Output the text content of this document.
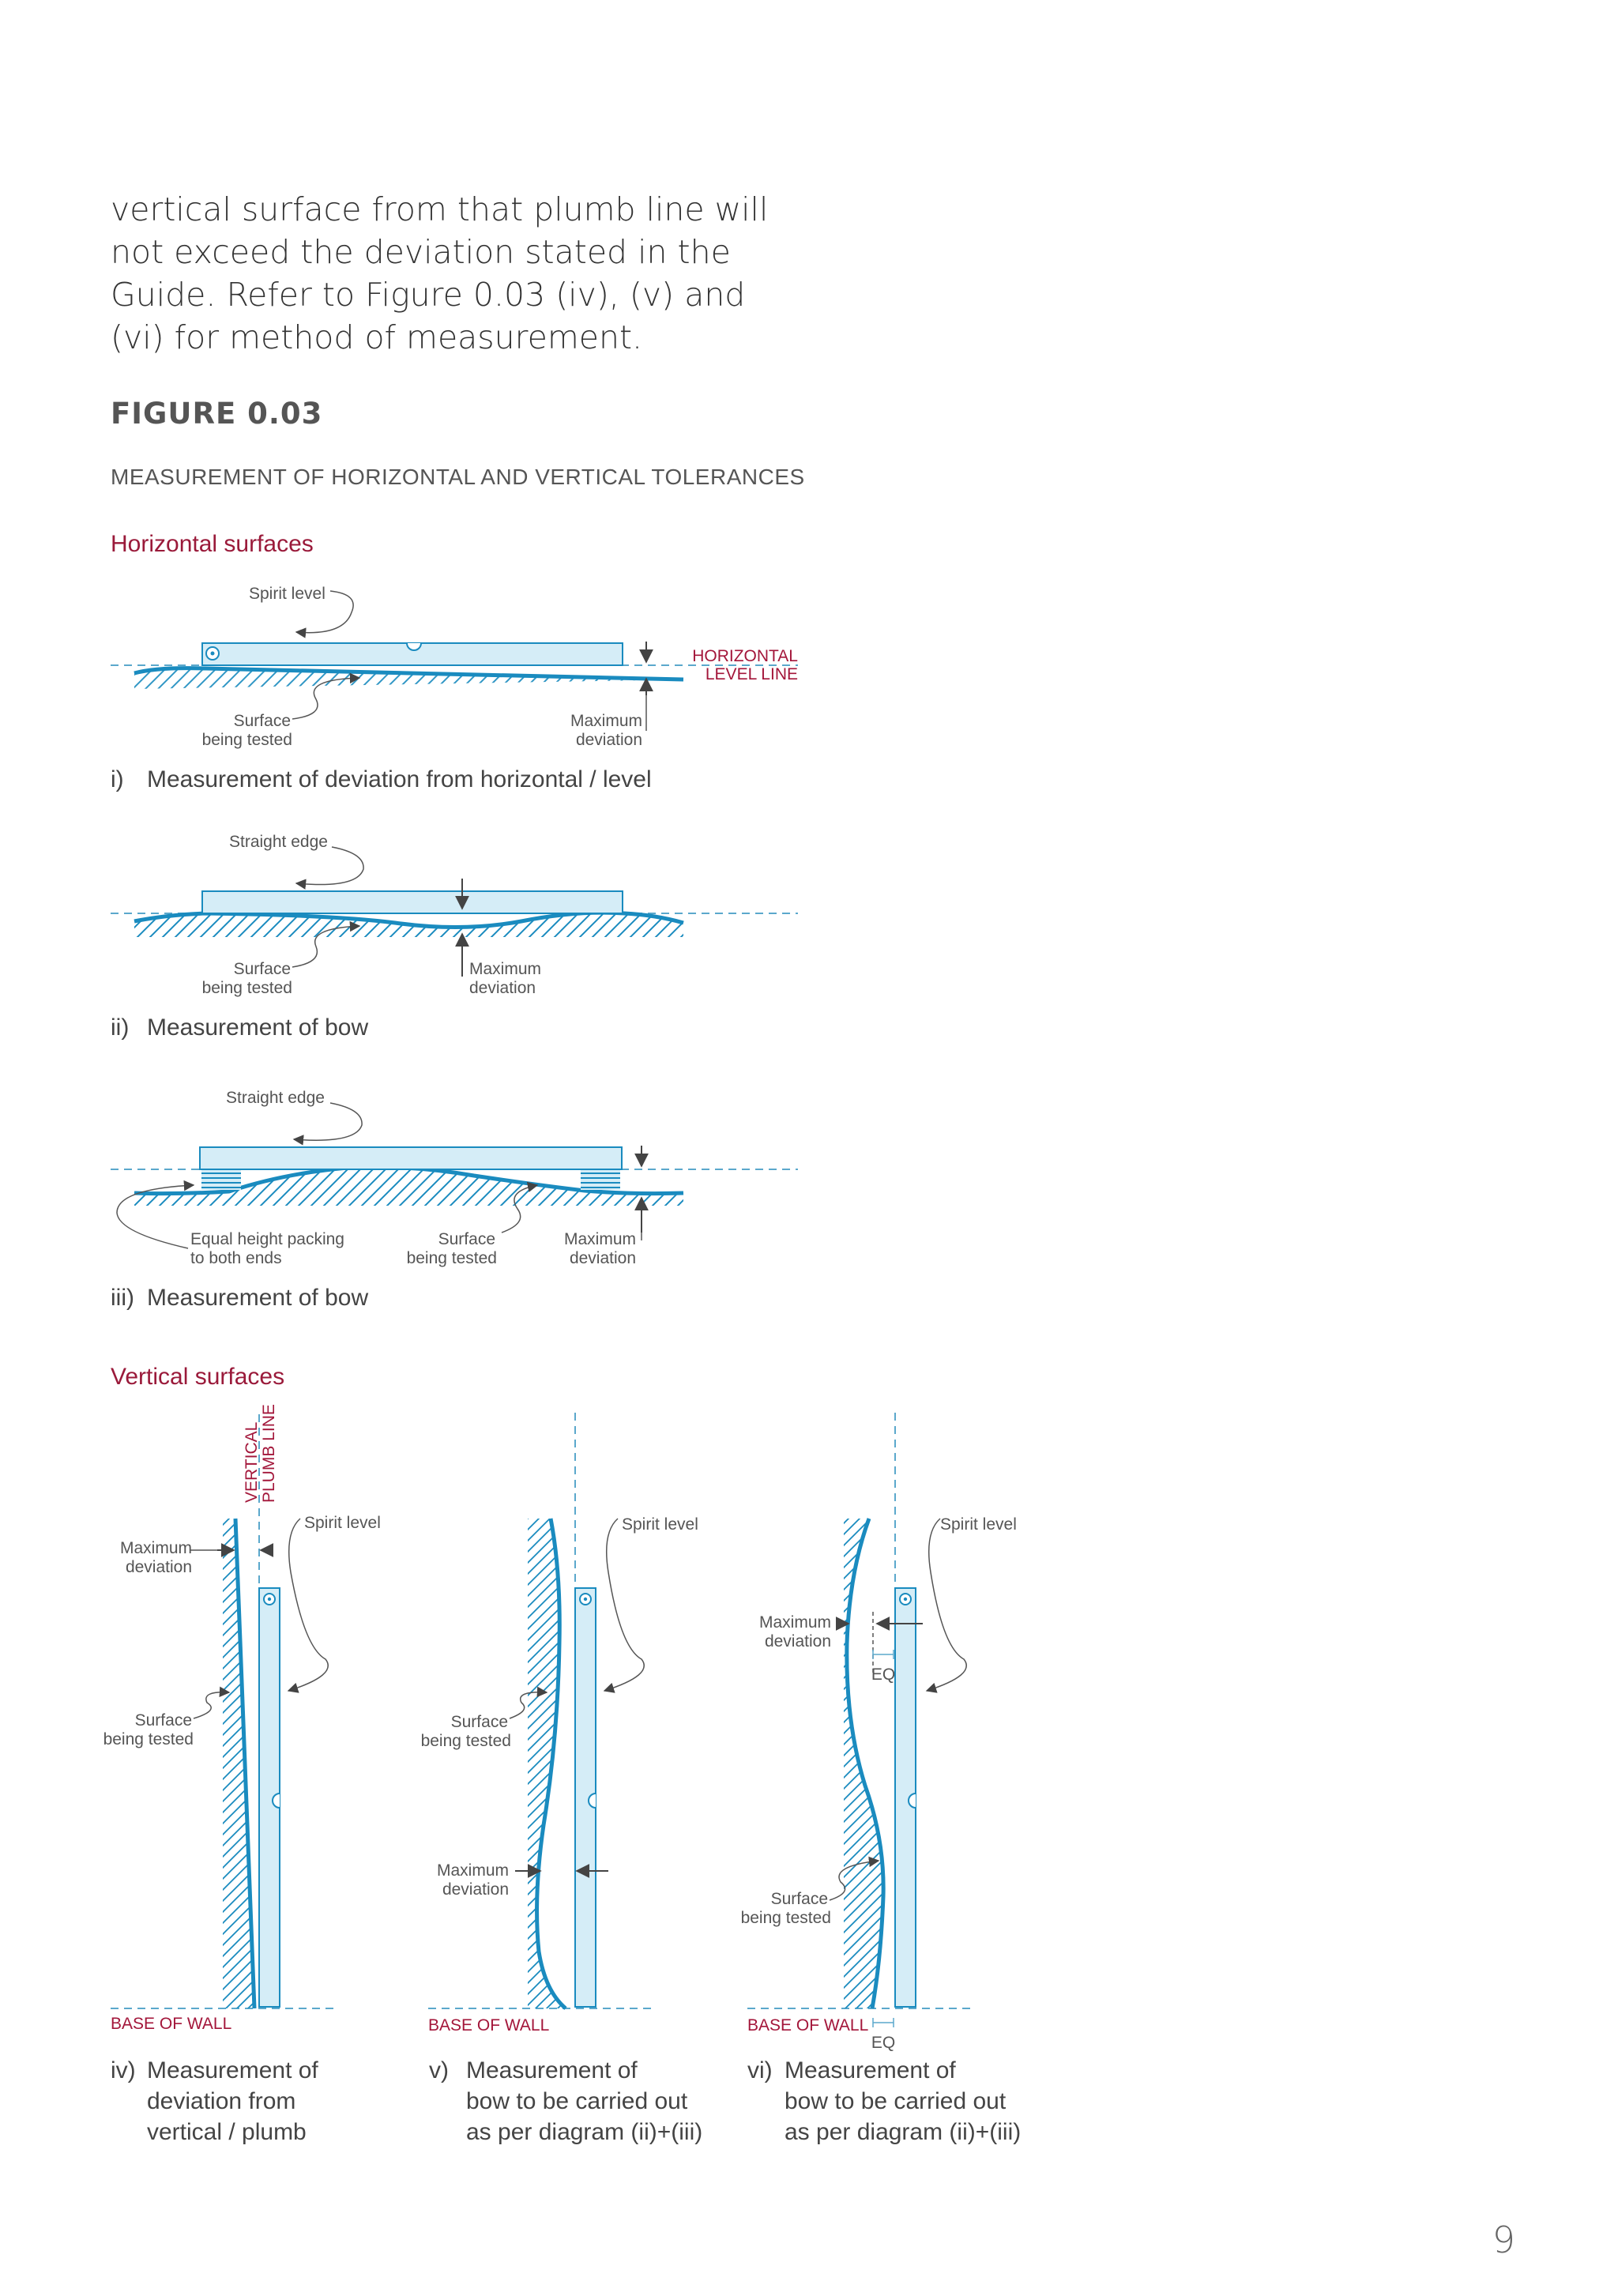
vertical surface from that plumb line will
not exceed the deviation stated in the
Guide. Refer to Figure 0.03 (iv), (v) and
(vi) for method of measurement.
FIGURE 0.03

MEASUREMENT OF HORIZONTAL AND VERTICAL TOLERANCES

Horizontal surfaces

Vertical surfaces

Spirit level
HORIZONTAL
LEVEL LINE
Surface
being tested
Maximum
deviation
i) Measurement of deviation from horizontal / level
Straight edge
Surface
being tested
Maximum
deviation
ii) Measurement of bow
Straight edge
Equal height packing
to both ends
Surface
being tested
Maximum
deviation
iii) Measurement of bow
VERTICAL PLUMB LINE
Spirit level
Maximum
deviation
Surface
being tested
BASE OF WALL
iv) Measurement of
deviation from
vertical / plumb
Spirit level
Surface
being tested
Maximum
deviation
BASE OF WALL
v) Measurement of
bow to be carried out
as per diagram (ii)+(iii)
Spirit level
Maximum
deviation
EQ
Surface
being tested
BASE OF WALL
EQ
vi) Measurement of
bow to be carried out
as per diagram (ii)+(iii)

9
